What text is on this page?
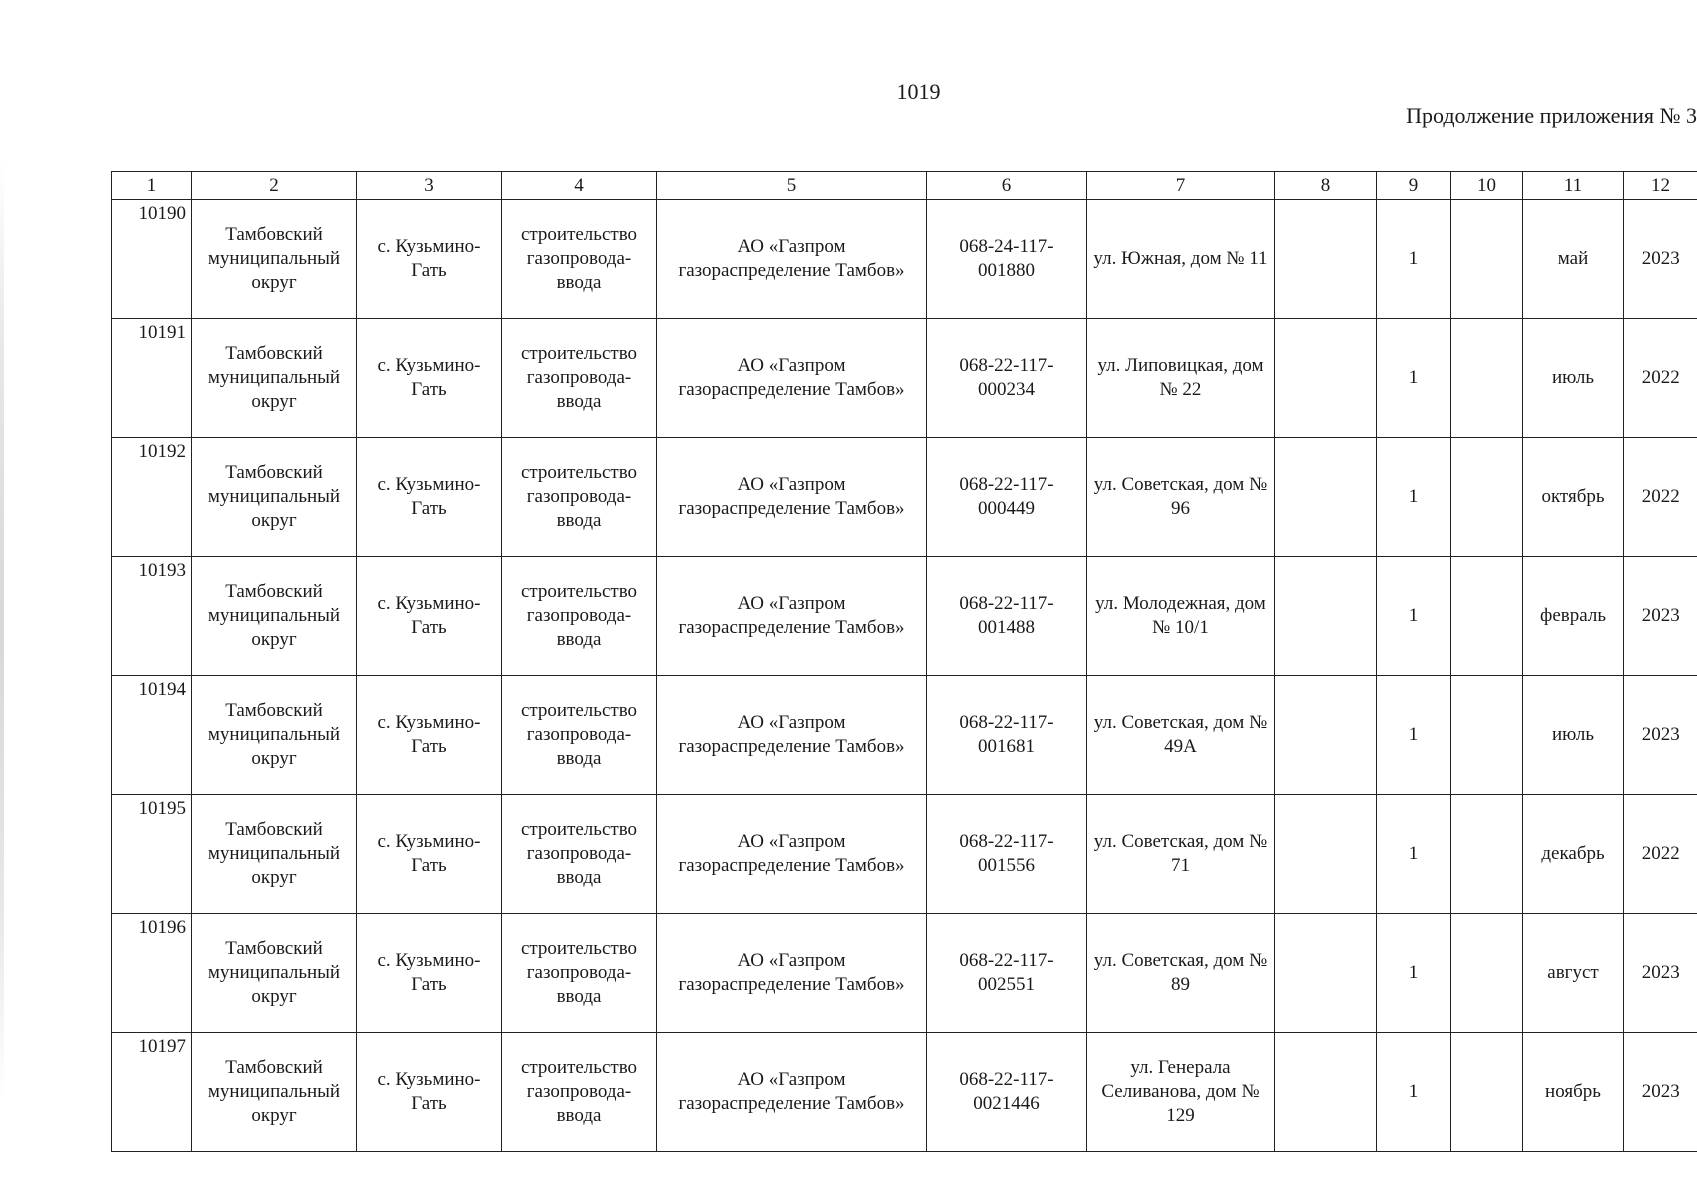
1019
Продолжение приложения № 3
1	2	3	4	5	6	7	8	9	10	11	12
10190	Тамбовский муниципальный округ	с. Кузьмино-Гать	строительство газопровода-ввода	АО «Газпром газораспределение Тамбов»	068-24-117-001880	ул. Южная, дом № 11		1		май	2023
10191	Тамбовский муниципальный округ	с. Кузьмино-Гать	строительство газопровода-ввода	АО «Газпром газораспределение Тамбов»	068-22-117-000234	ул. Липовицкая, дом № 22		1		июль	2022
10192	Тамбовский муниципальный округ	с. Кузьмино-Гать	строительство газопровода-ввода	АО «Газпром газораспределение Тамбов»	068-22-117-000449	ул. Советская, дом № 96		1		октябрь	2022
10193	Тамбовский муниципальный округ	с. Кузьмино-Гать	строительство газопровода-ввода	АО «Газпром газораспределение Тамбов»	068-22-117-001488	ул. Молодежная, дом № 10/1		1		февраль	2023
10194	Тамбовский муниципальный округ	с. Кузьмино-Гать	строительство газопровода-ввода	АО «Газпром газораспределение Тамбов»	068-22-117-001681	ул. Советская, дом № 49А		1		июль	2023
10195	Тамбовский муниципальный округ	с. Кузьмино-Гать	строительство газопровода-ввода	АО «Газпром газораспределение Тамбов»	068-22-117-001556	ул. Советская, дом № 71		1		декабрь	2022
10196	Тамбовский муниципальный округ	с. Кузьмино-Гать	строительство газопровода-ввода	АО «Газпром газораспределение Тамбов»	068-22-117-002551	ул. Советская, дом № 89		1		август	2023
10197	Тамбовский муниципальный округ	с. Кузьмино-Гать	строительство газопровода-ввода	АО «Газпром газораспределение Тамбов»	068-22-117-0021446	ул. Генерала Селиванова, дом № 129		1		ноябрь	2023
